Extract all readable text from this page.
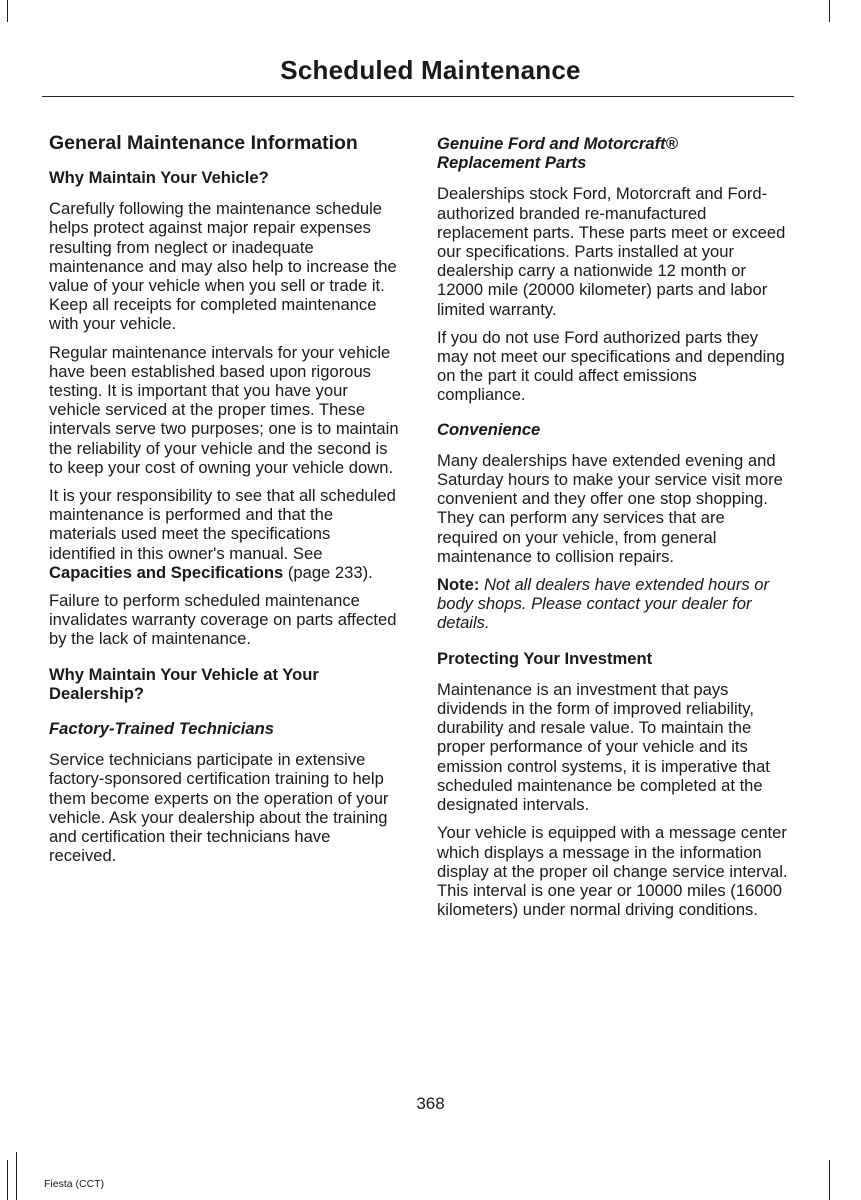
Scheduled Maintenance
General Maintenance Information
Why Maintain Your Vehicle?

Carefully following the maintenance schedule helps protect against major repair expenses resulting from neglect or inadequate maintenance and may also help to increase the value of your vehicle when you sell or trade it. Keep all receipts for completed maintenance with your vehicle.

Regular maintenance intervals for your vehicle have been established based upon rigorous testing. It is important that you have your vehicle serviced at the proper times. These intervals serve two purposes; one is to maintain the reliability of your vehicle and the second is to keep your cost of owning your vehicle down.

It is your responsibility to see that all scheduled maintenance is performed and that the materials used meet the specifications identified in this owner's manual. See Capacities and Specifications (page 233).

Failure to perform scheduled maintenance invalidates warranty coverage on parts affected by the lack of maintenance.

Why Maintain Your Vehicle at Your Dealership?
Factory-Trained Technicians

Service technicians participate in extensive factory-sponsored certification training to help them become experts on the operation of your vehicle. Ask your dealership about the training and certification their technicians have received.

Genuine Ford and Motorcraft® Replacement Parts

Dealerships stock Ford, Motorcraft and Ford-authorized branded re-manufactured replacement parts. These parts meet or exceed our specifications. Parts installed at your dealership carry a nationwide 12 month or 12000 mile (20000 kilometer) parts and labor limited warranty.

If you do not use Ford authorized parts they may not meet our specifications and depending on the part it could affect emissions compliance.

Convenience

Many dealerships have extended evening and Saturday hours to make your service visit more convenient and they offer one stop shopping. They can perform any services that are required on your vehicle, from general maintenance to collision repairs.

Note: Not all dealers have extended hours or body shops. Please contact your dealer for details.

Protecting Your Investment

Maintenance is an investment that pays dividends in the form of improved reliability, durability and resale value. To maintain the proper performance of your vehicle and its emission control systems, it is imperative that scheduled maintenance be completed at the designated intervals.

Your vehicle is equipped with a message center which displays a message in the information display at the proper oil change service interval. This interval is one year or 10000 miles (16000 kilometers) under normal driving conditions.

368
Fiesta (CCT)
